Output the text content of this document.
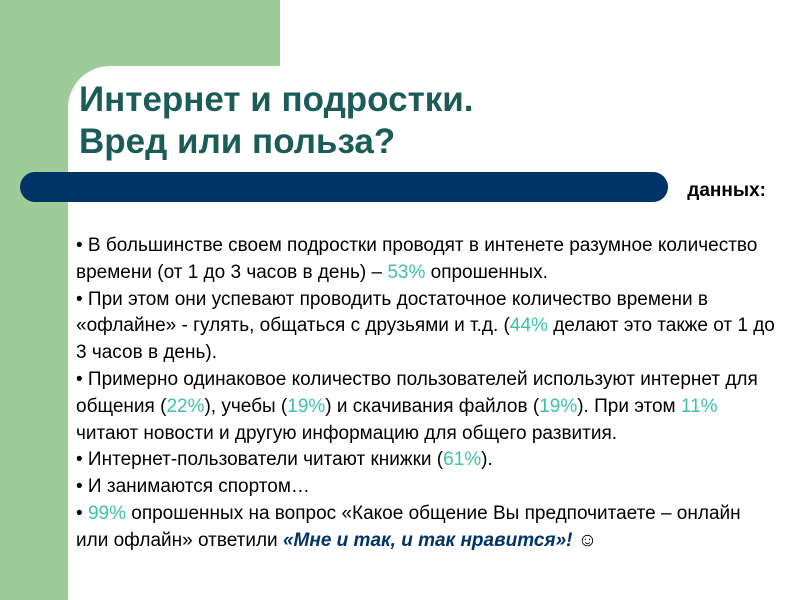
Интернет и подростки.
Вред или польза?
данных:

• В большинстве своем подростки проводят в интенете разумное количество времени (от 1 до 3 часов в день) – 53% опрошенных.

• При этом они успевают проводить достаточное количество времени в «офлайне» - гулять, общаться с друзьями и т.д. (44% делают это также от 1 до 3 часов в день).

• Примерно одинаковое количество пользователей используют интернет для общения (22%), учебы (19%) и скачивания файлов (19%). При этом 11% читают новости и другую информацию для общего развития.

• Интернет-пользователи читают книжки (61%).

• И занимаются спортом…

• 99% опрошенных на вопрос «Какое общение Вы предпочитаете – онлайн или офлайн» ответили «Мне и так, и так нравится»! ☺
